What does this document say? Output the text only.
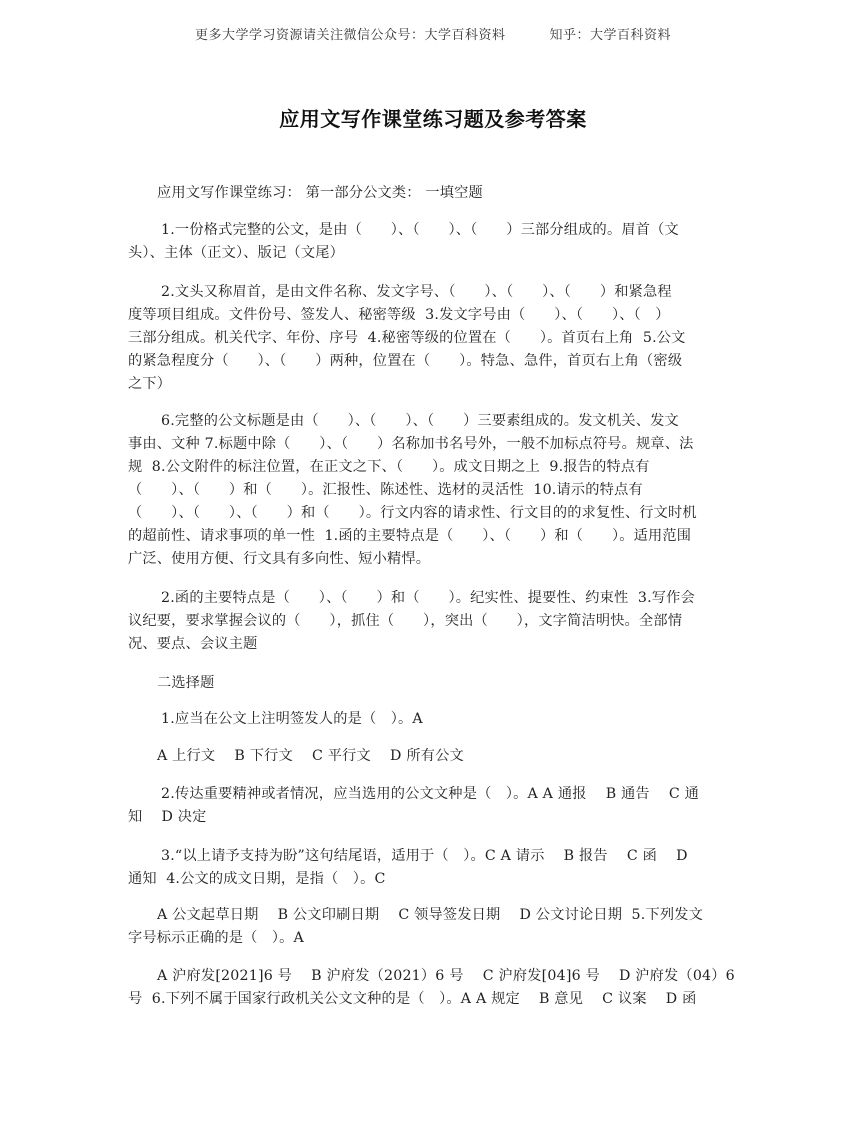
更多大学学习资源请关注微信公众号：大学百科资料	知乎：大学百科资料
应用文写作课堂练习题及参考答案
应用文写作课堂练习： 第一部分公文类： 一填空题
1.一份格式完整的公文，是由（　　）、（　　）、（　　）三部分组成的。眉首（文
头）、主体（正文）、版记（文尾）
2.文头又称眉首，是由文件名称、发文字号、（　　）、（　　）、（　　）和紧急程
度等项目组成。文件份号、签发人、秘密等级  3.发文字号由（　　）、（　　）、（　）
三部分组成。机关代字、年份、序号  4.秘密等级的位置在（　　）。首页右上角  5.公文
的紧急程度分（　　）、（　　）两种，位置在（　　）。特急、急件，首页右上角（密级
之下）
6.完整的公文标题是由（　　）、（　　）、（　　）三要素组成的。发文机关、发文
事由、文种 7.标题中除（　　）、（　　）名称加书名号外，一般不加标点符号。规章、法
规  8.公文附件的标注位置，在正文之下、（　　）。成文日期之上  9.报告的特点有
（　　）、（　　）和（　　）。汇报性、陈述性、选材的灵活性  10.请示的特点有
（　　）、（　　）、（　　）和（　　）。行文内容的请求性、行文目的的求复性、行文时机
的超前性、请求事项的单一性  1.函的主要特点是（　　）、（　　）和（　　）。适用范围
广泛、使用方便、行文具有多向性、短小精悍。
2.函的主要特点是（　　）、（　　）和（　　）。纪实性、提要性、约束性  3.写作会
议纪要，要求掌握会议的（　　），抓住（　　），突出（　　），文字简洁明快。全部情
况、要点、会议主题
二选择题
1.应当在公文上注明签发人的是（　）。A
A 上行文　 B 下行文　 C 平行文　 D 所有公文
2.传达重要精神或者情况，应当选用的公文文种是（　）。A A 通报　 B 通告　 C 通
知　 D 决定
3.“以上请予支持为盼”这句结尾语，适用于（　）。C A 请示　 B 报告　 C 函　 D
通知  4.公文的成文日期，是指（　）。C
A 公文起草日期　 B 公文印刷日期　 C 领导签发日期　 D 公文讨论日期  5.下列发文
字号标示正确的是（　）。A
A 沪府发[2021]6 号　 B 沪府发（2021）6 号　 C 沪府发[04]6 号　 D 沪府发（04）6
号  6.下列不属于国家行政机关公文文种的是（　）。A A 规定　 B 意见　 C 议案　 D 函
